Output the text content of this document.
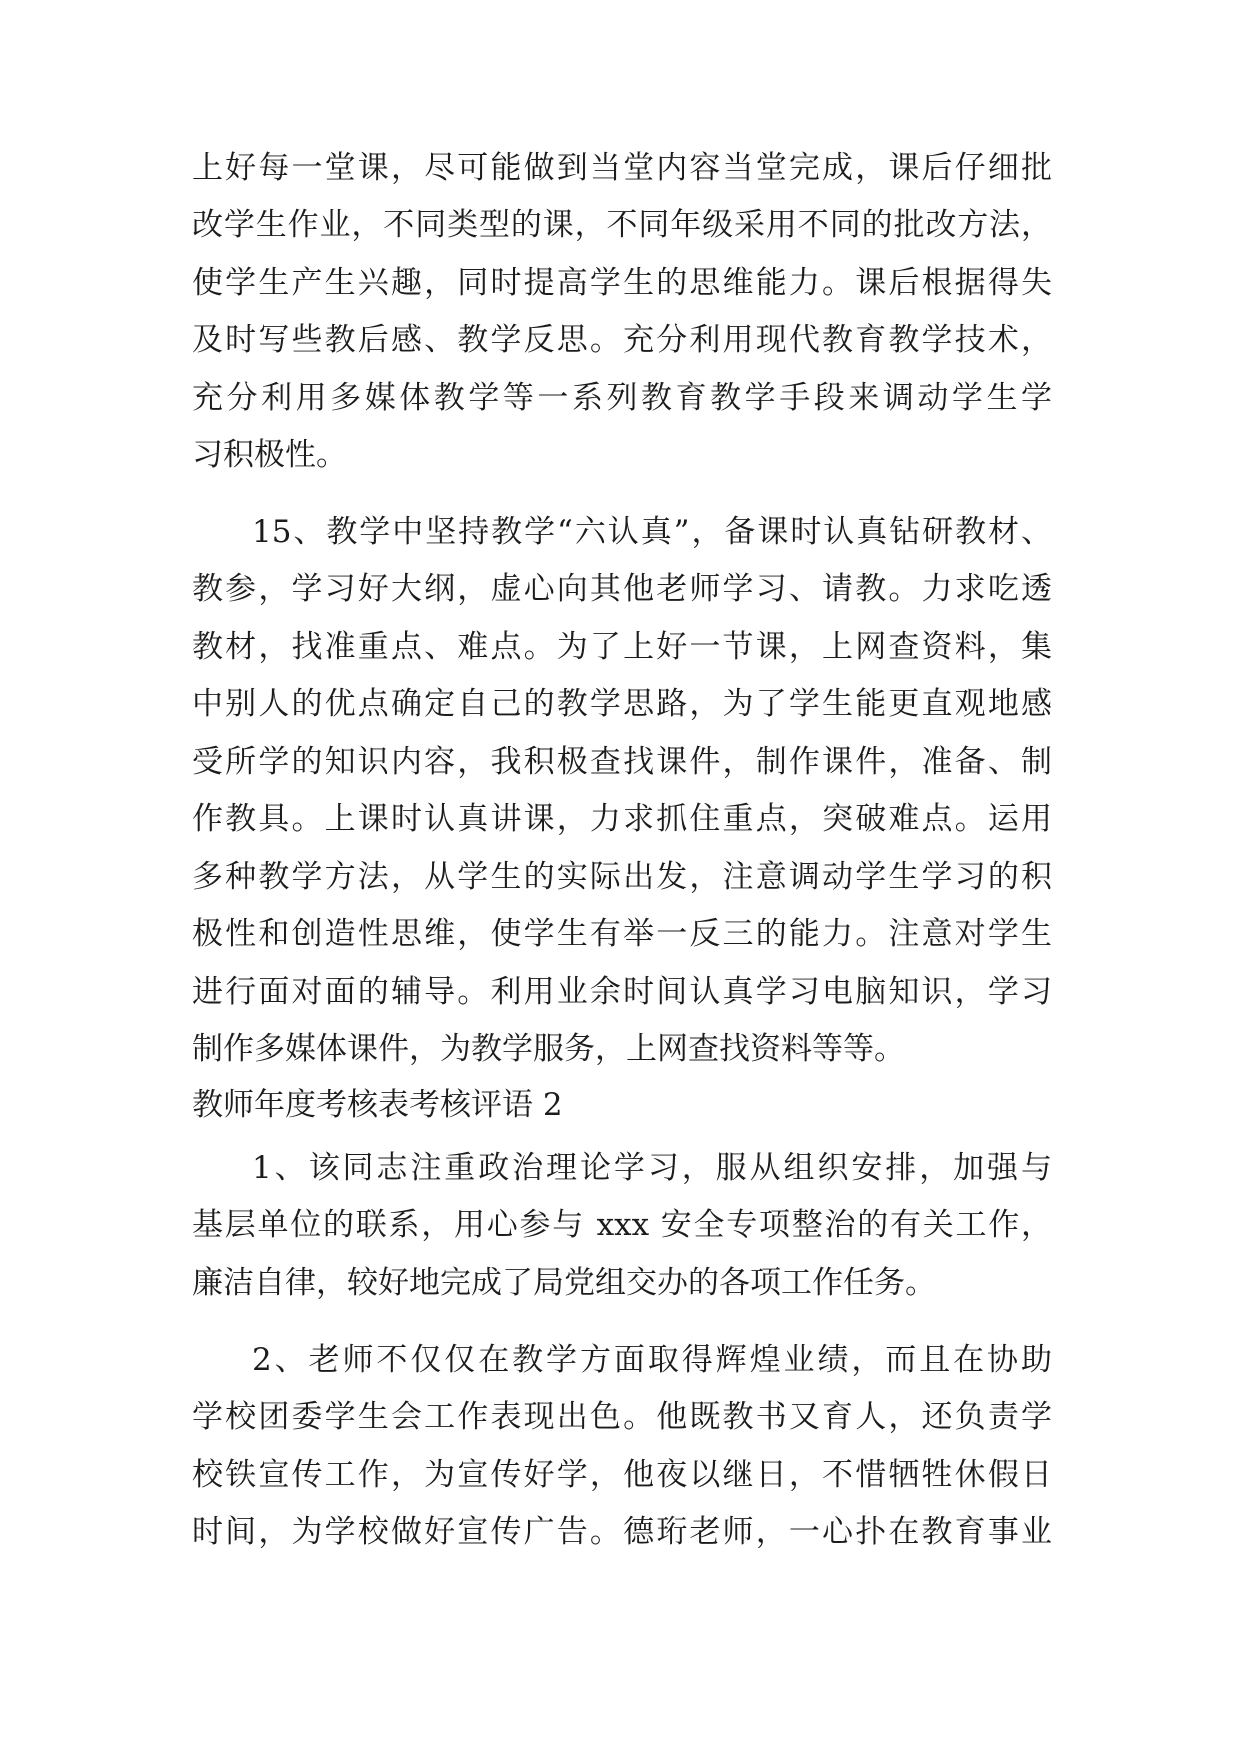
上好每一堂课，尽可能做到当堂内容当堂完成，课后仔细批
改学生作业，不同类型的课，不同年级采用不同的批改方法，
使学生产生兴趣，同时提高学生的思维能力。课后根据得失
及时写些教后感、教学反思。充分利用现代教育教学技术，
充分利用多媒体教学等一系列教育教学手段来调动学生学
习积极性。
15、教学中坚持教学“六认真”，备课时认真钻研教材、
教参，学习好大纲，虚心向其他老师学习、请教。力求吃透
教材，找准重点、难点。为了上好一节课，上网查资料，集
中别人的优点确定自己的教学思路，为了学生能更直观地感
受所学的知识内容，我积极查找课件，制作课件，准备、制
作教具。上课时认真讲课，力求抓住重点，突破难点。运用
多种教学方法，从学生的实际出发，注意调动学生学习的积
极性和创造性思维，使学生有举一反三的能力。注意对学生
进行面对面的辅导。利用业余时间认真学习电脑知识，学习
制作多媒体课件，为教学服务，上网查找资料等等。
教师年度考核表考核评语 2
1、该同志注重政治理论学习，服从组织安排，加强与
基层单位的联系，用心参与 xxx 安全专项整治的有关工作，
廉洁自律，较好地完成了局党组交办的各项工作任务。
2、老师不仅仅在教学方面取得辉煌业绩，而且在协助
学校团委学生会工作表现出色。他既教书又育人，还负责学
校铁宣传工作，为宣传好学，他夜以继日，不惜牺牲休假日
时间，为学校做好宣传广告。德珩老师，一心扑在教育事业
